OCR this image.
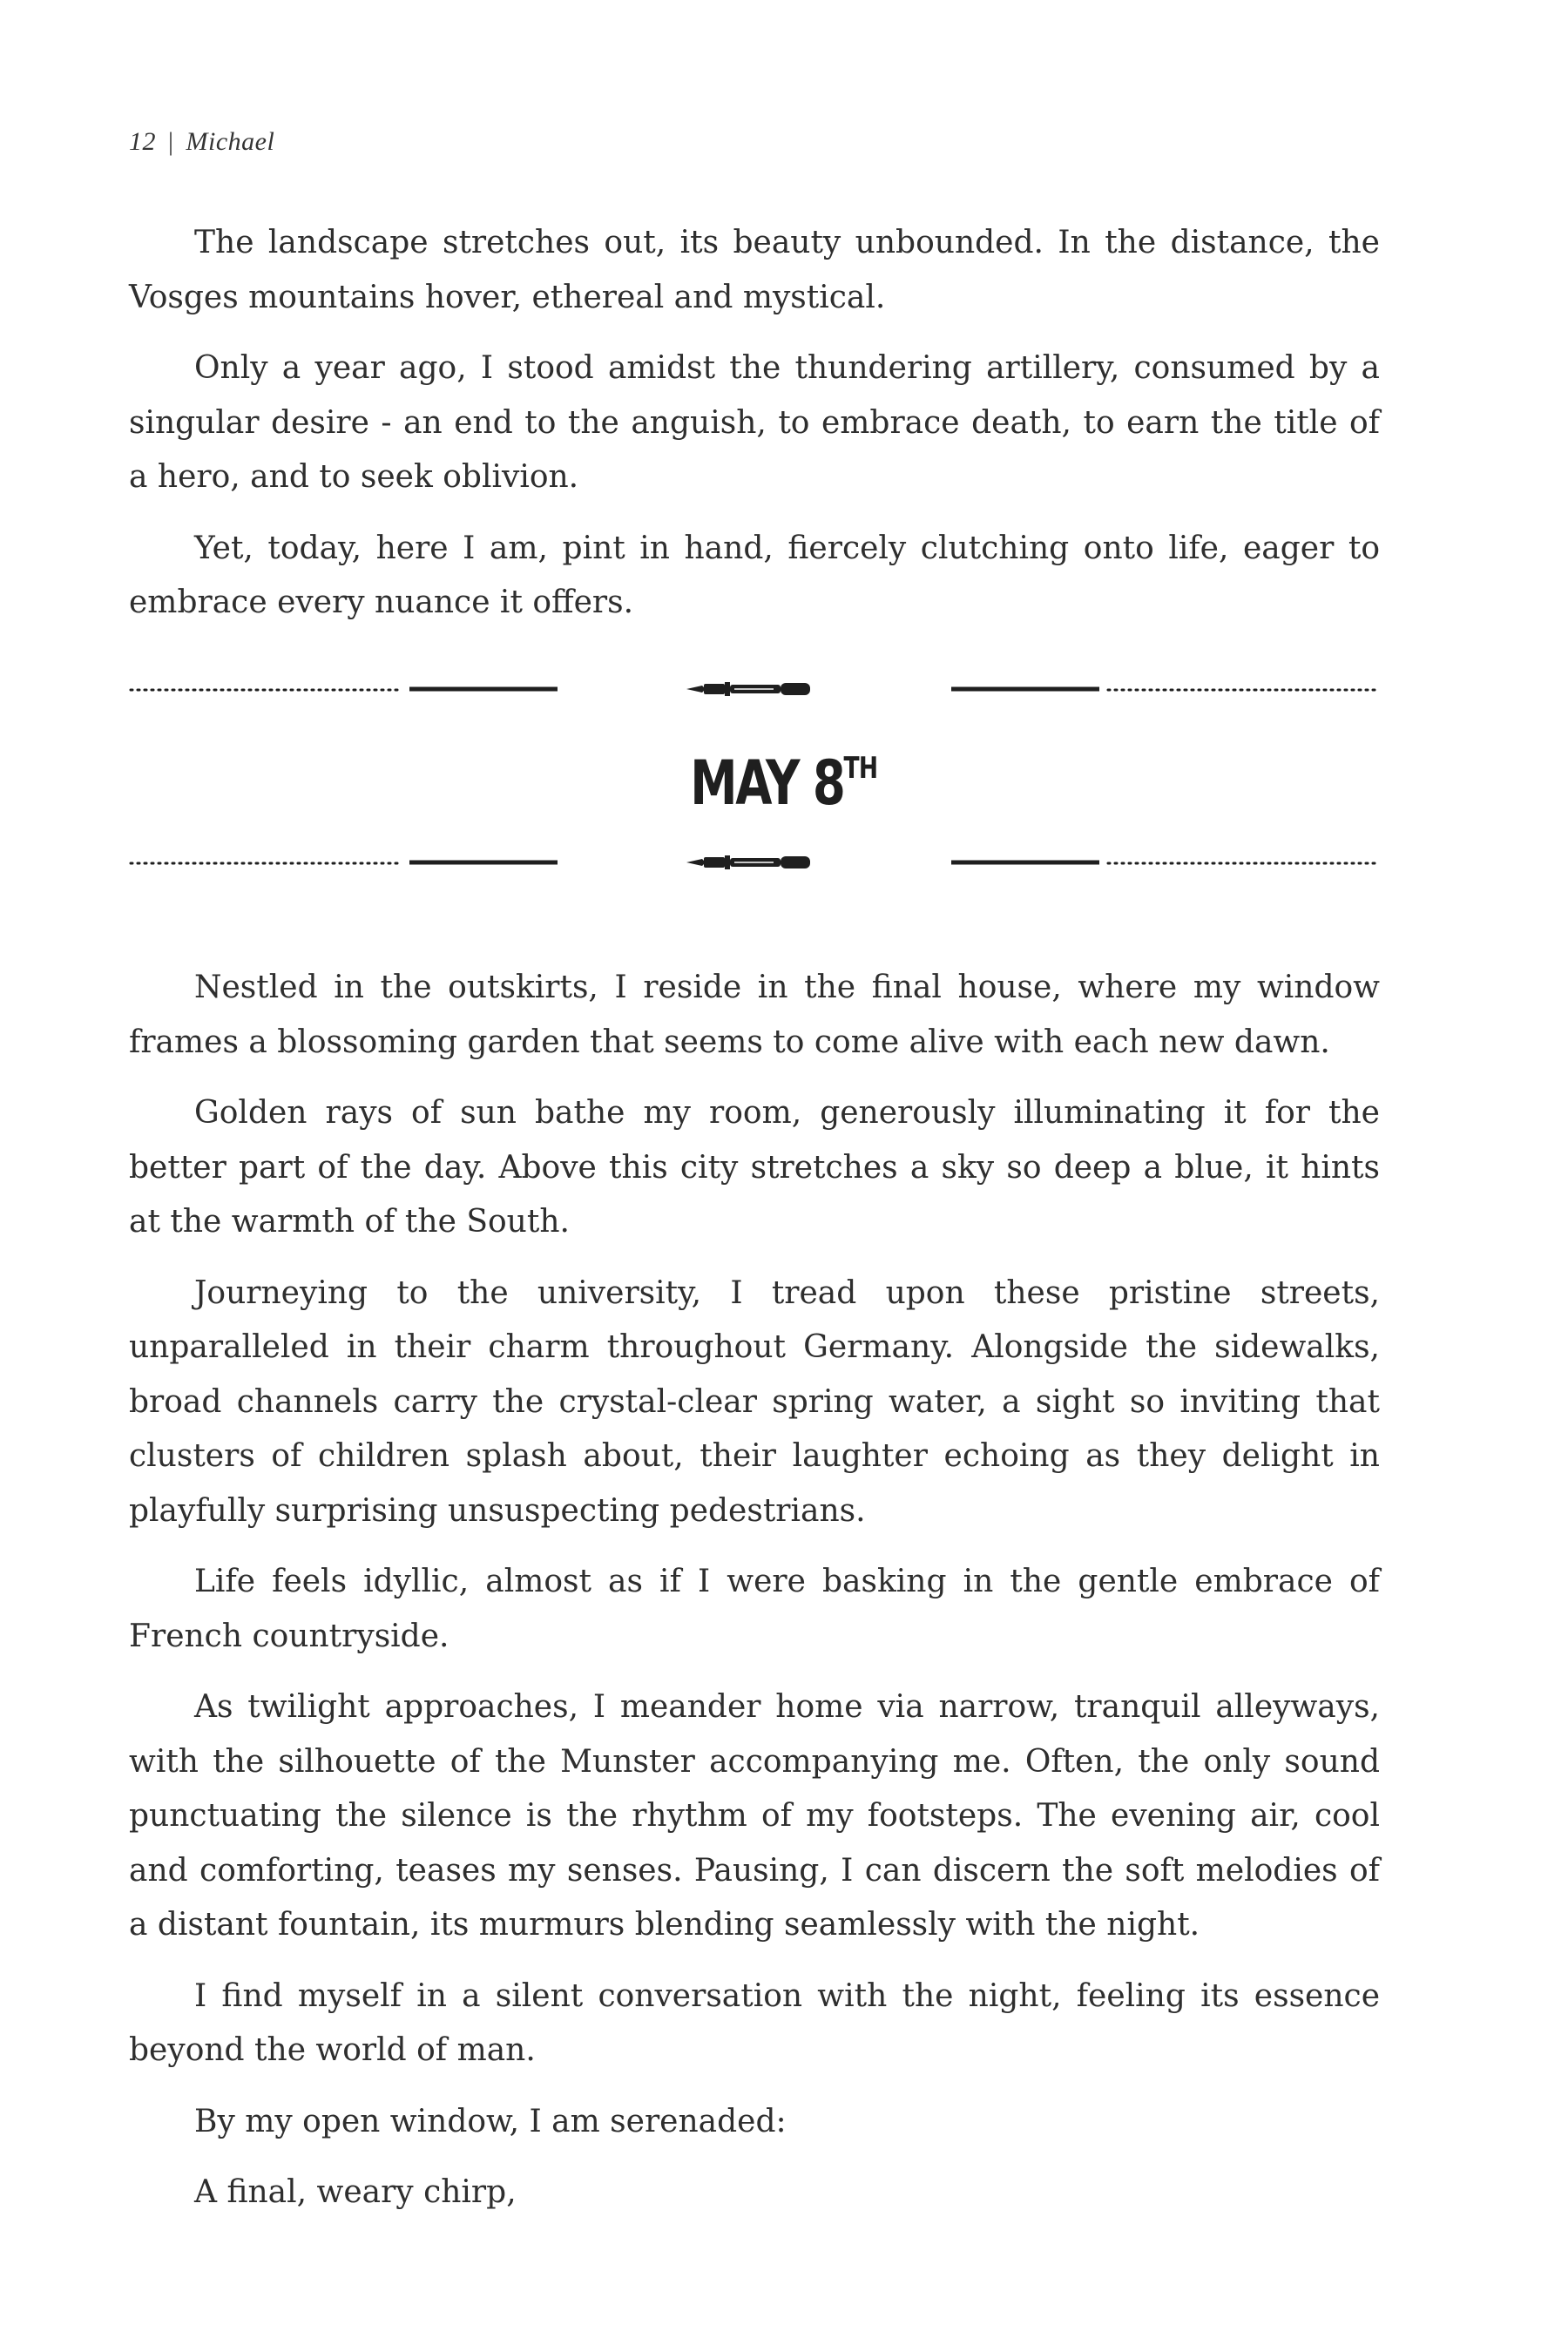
12 | Michael

The landscape stretches out, its beauty unbounded. In the distance, the Vosges mountains hover, ethereal and mystical.

Only a year ago, I stood amidst the thundering artillery, consumed by a singular desire - an end to the anguish, to embrace death, to earn the title of a hero, and to seek oblivion.

Yet, today, here I am, pint in hand, fiercely clutching onto life, eager to embrace every nuance it offers.

MAY 8TH

Nestled in the outskirts, I reside in the final house, where my window frames a blossoming garden that seems to come alive with each new dawn.

Golden rays of sun bathe my room, generously illuminating it for the better part of the day. Above this city stretches a sky so deep a blue, it hints at the warmth of the South.

Journeying to the university, I tread upon these pristine streets, unparalleled in their charm throughout Germany. Alongside the sidewalks, broad channels carry the crystal-clear spring water, a sight so inviting that clusters of children splash about, their laughter echoing as they delight in playfully surprising unsuspecting pedestrians.

Life feels idyllic, almost as if I were basking in the gentle embrace of French countryside.

As twilight approaches, I meander home via narrow, tranquil alleyways, with the silhouette of the Munster accompanying me. Often, the only sound punctuating the silence is the rhythm of my footsteps. The evening air, cool and comforting, teases my senses. Pausing, I can discern the soft melodies of a distant fountain, its murmurs blending seamlessly with the night.

I find myself in a silent conversation with the night, feeling its essence beyond the world of man.

By my open window, I am serenaded:

A final, weary chirp,
